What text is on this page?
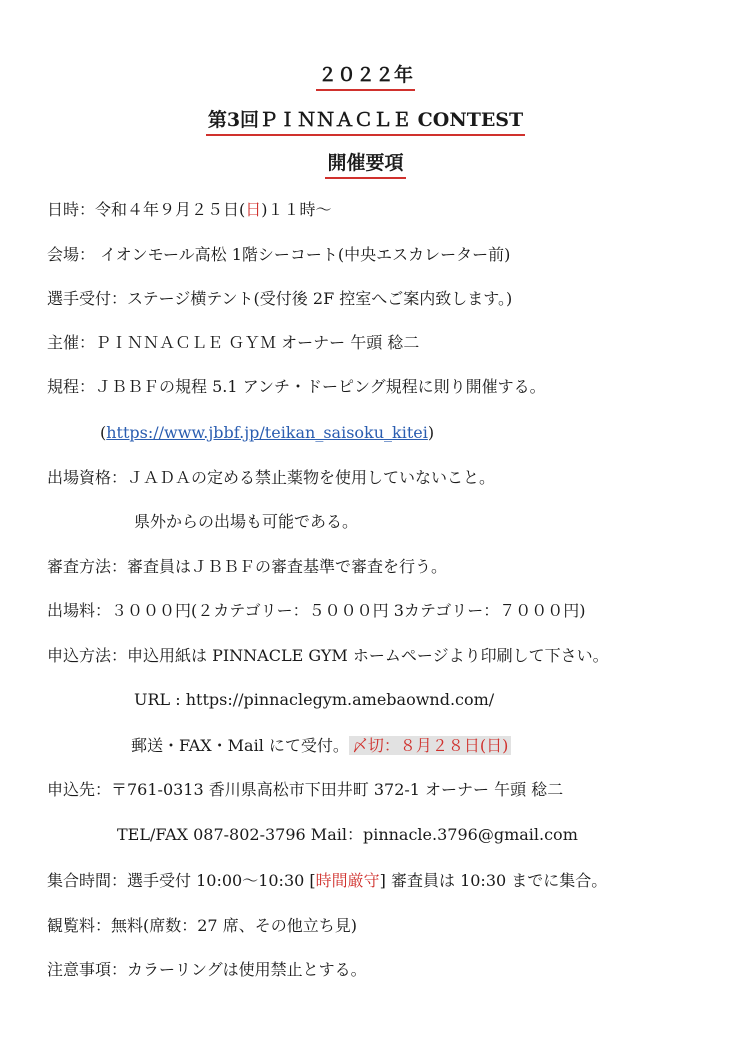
２０２２年
第3回ＰＩＮＮＡＣＬＥ CONTEST
開催要項
日時：令和４年９月２５日(日)１１時～
会場： イオンモール高松 1階シーコート(中央エスカレーター前)
選手受付：ステージ横テント(受付後 2F 控室へご案内致します。)
主催：ＰＩＮＮＡＣＬＥ ＧＹＭ オーナー 午頭 稔二
規程：ＪＢＢＦの規程 5.1 アンチ・ドーピング規程に則り開催する。
(https://www.jbbf.jp/teikan_saisoku_kitei)
出場資格：ＪＡＤＡの定める禁止薬物を使用していないこと。
県外からの出場も可能である。
審査方法：審査員はＪＢＢＦの審査基準で審査を行う。
出場料：３０００円(２カテゴリー：５０００円 3カテゴリー：７０００円)
申込方法：申込用紙は PINNACLE GYM ホームページより印刷して下さい。
URL : https://pinnaclegym.amebaownd.com/
郵送・FAX・Mail にて受付。 〆切：８月２８日(日)
申込先：〒761-0313 香川県高松市下田井町 372-1 オーナー 午頭 稔二
TEL/FAX 087-802-3796 Mail：pinnacle.3796@gmail.com
集合時間：選手受付 10:00～10:30 [時間厳守] 審査員は 10:30 までに集合。
観覧料：無料(席数：27 席、その他立ち見)
注意事項：カラーリングは使用禁止とする。
